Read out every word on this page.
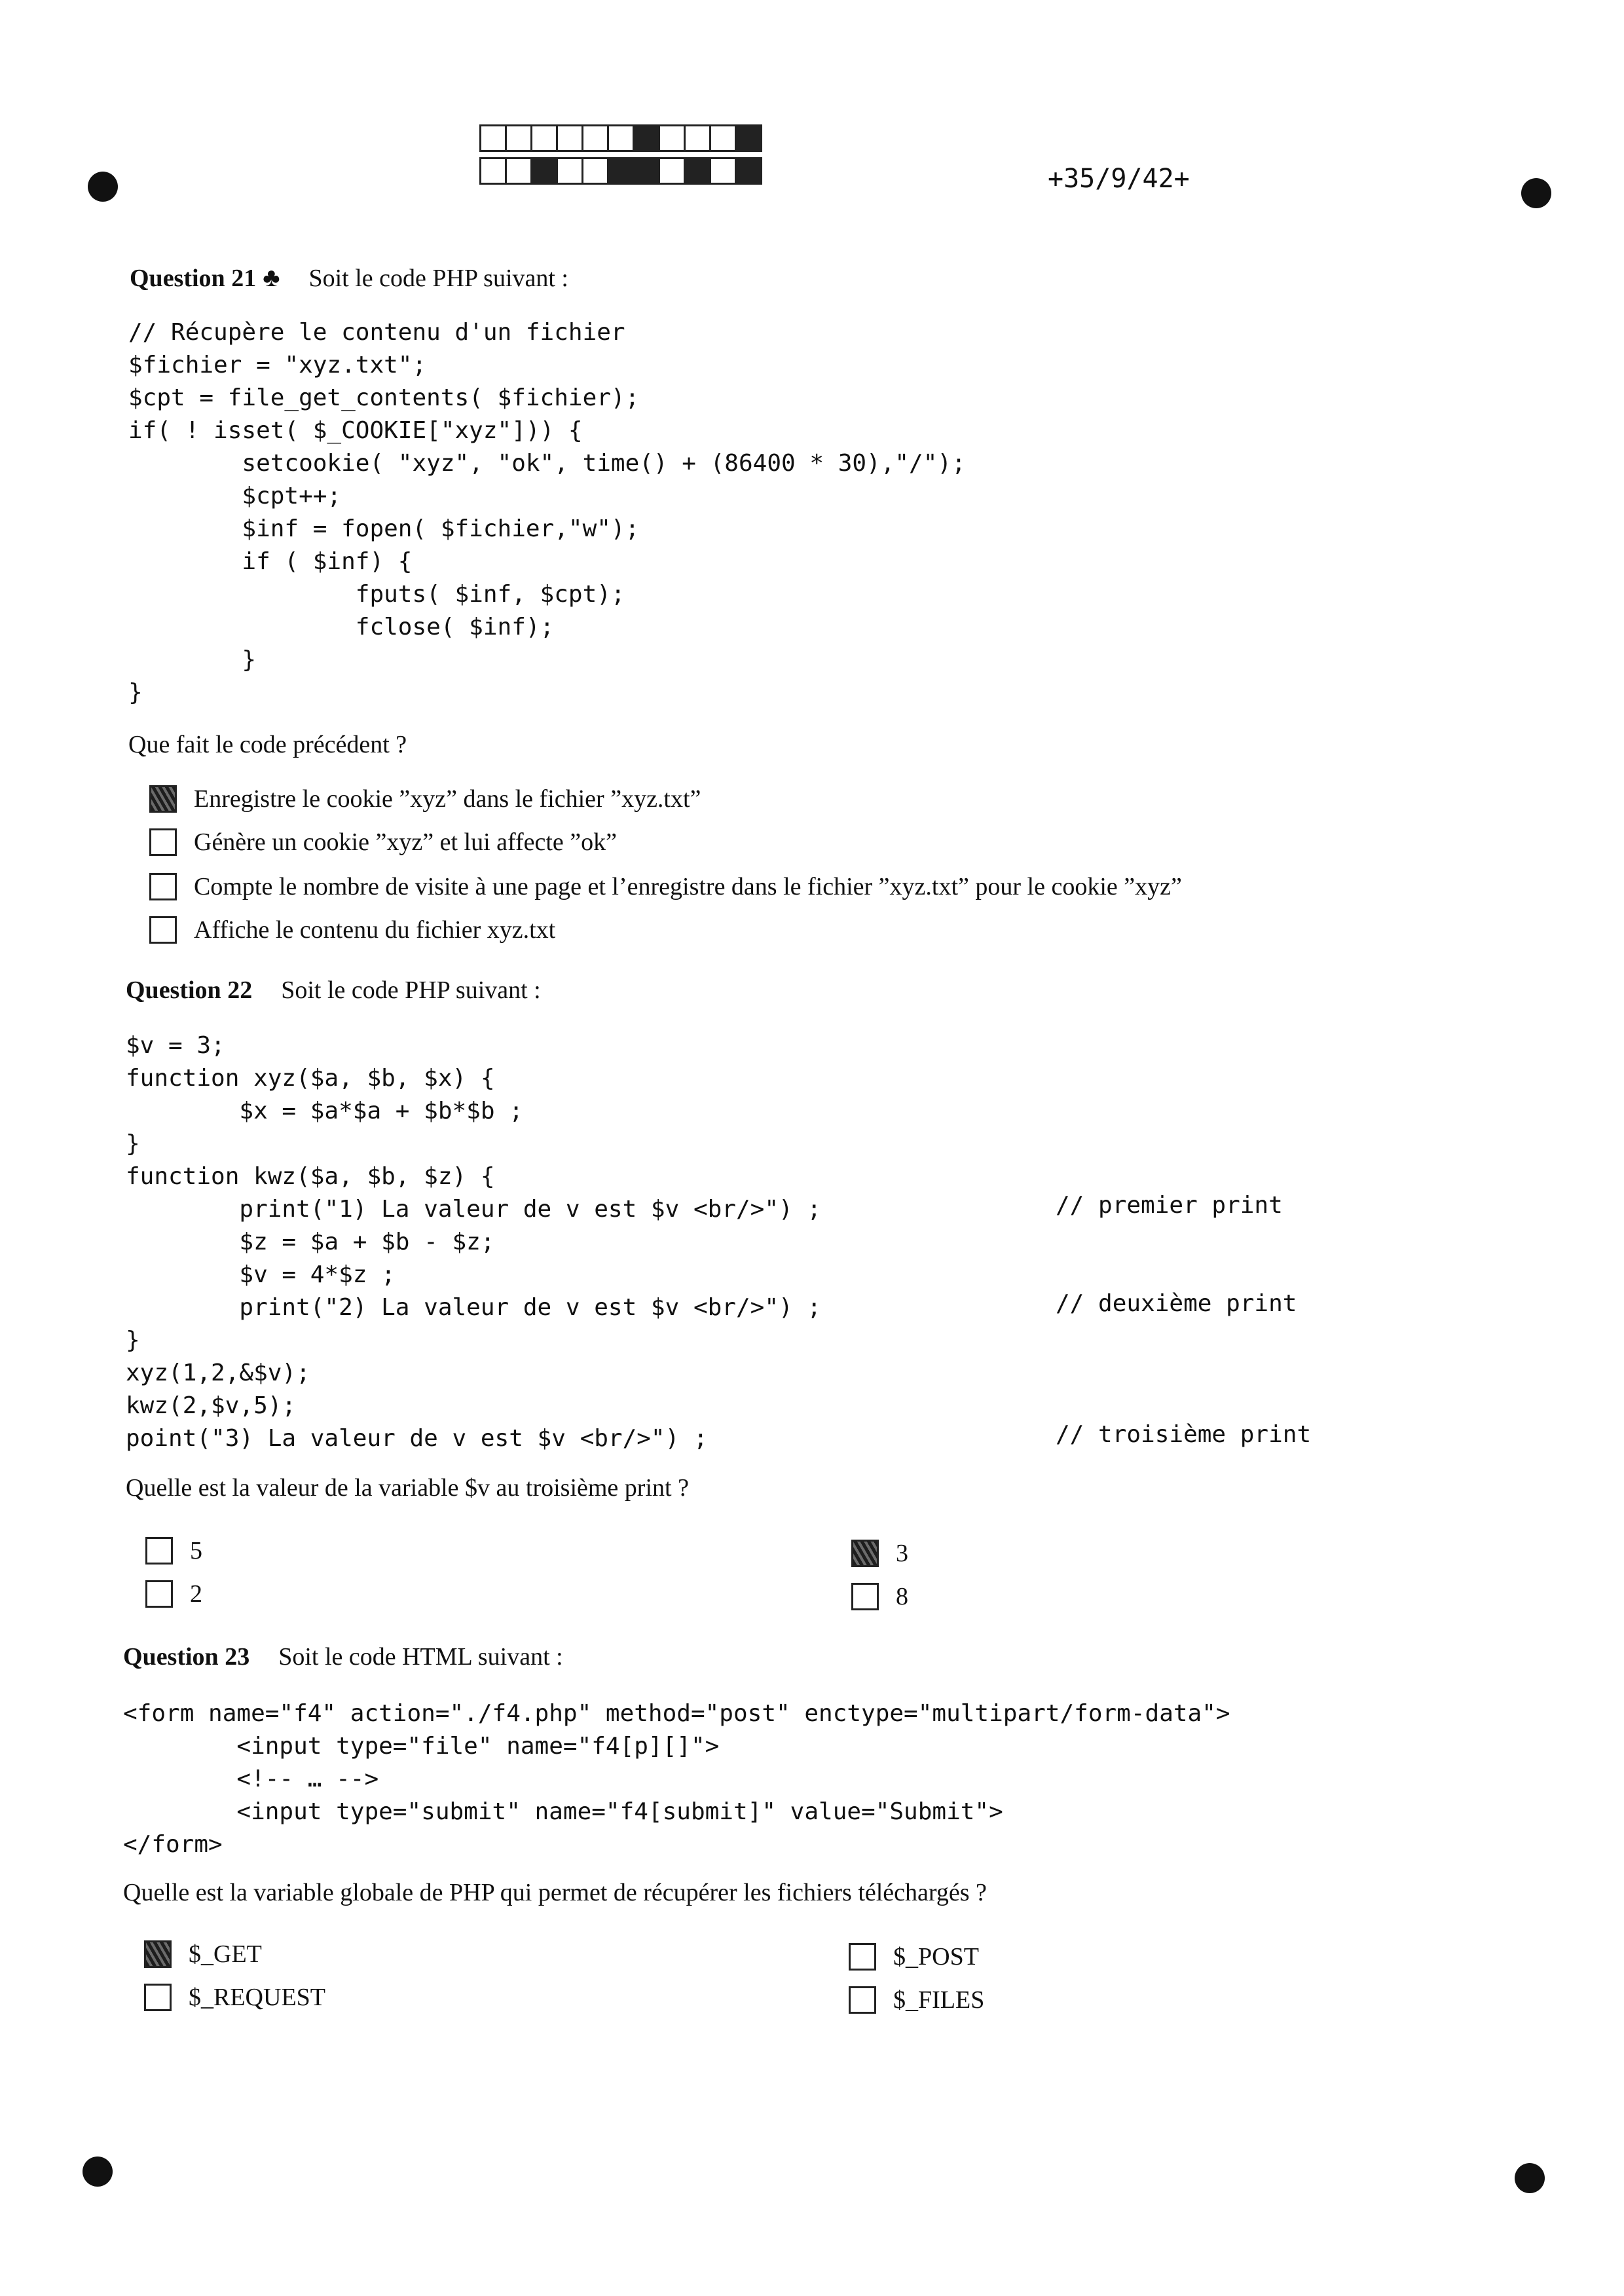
+35/9/42+
Question 21 ♣ Soit le code PHP suivant :
// Récupère le contenu d'un fichier
$fichier = "xyz.txt";
$cpt = file_get_contents( $fichier);
if( ! isset( $_COOKIE["xyz"])) {
setcookie( "xyz", "ok", time() + (86400 * 30),"/");
$cpt++;
$inf = fopen( $fichier,"w");
if ( $inf) {
fputs( $inf, $cpt);
fclose( $inf);
}
}
Que fait le code précédent ?
Enregistre le cookie ”xyz” dans le fichier ”xyz.txt”
Génère un cookie ”xyz” et lui affecte ”ok”
Compte le nombre de visite à une page et l’enregistre dans le fichier ”xyz.txt” pour le cookie ”xyz”
Affiche le contenu du fichier xyz.txt
Question 22 Soit le code PHP suivant :
$v = 3;
function xyz($a, $b, $x) {
$x = $a*$a + $b*$b ;
}
function kwz($a, $b, $z) {
print("1) La valeur de v est $v <br/>") ;
$z = $a + $b - $z;
$v = 4*$z ;
print("2) La valeur de v est $v <br/>") ;
}
xyz(1,2,&$v);
kwz(2,$v,5);
point("3) La valeur de v est $v <br/>") ;
// premier print
// deuxième print
// troisième print
Quelle est la valeur de la variable $v au troisième print ?
5	3
2	8
Question 23 Soit le code HTML suivant :
<form name="f4" action="./f4.php" method="post" enctype="multipart/form-data">
<input type="file" name="f4[p][]">
<!-- … -->
<input type="submit" name="f4[submit]" value="Submit">
</form>
Quelle est la variable globale de PHP qui permet de récupérer les fichiers téléchargés ?
$_GET	$_POST
$_REQUEST	$_FILES
